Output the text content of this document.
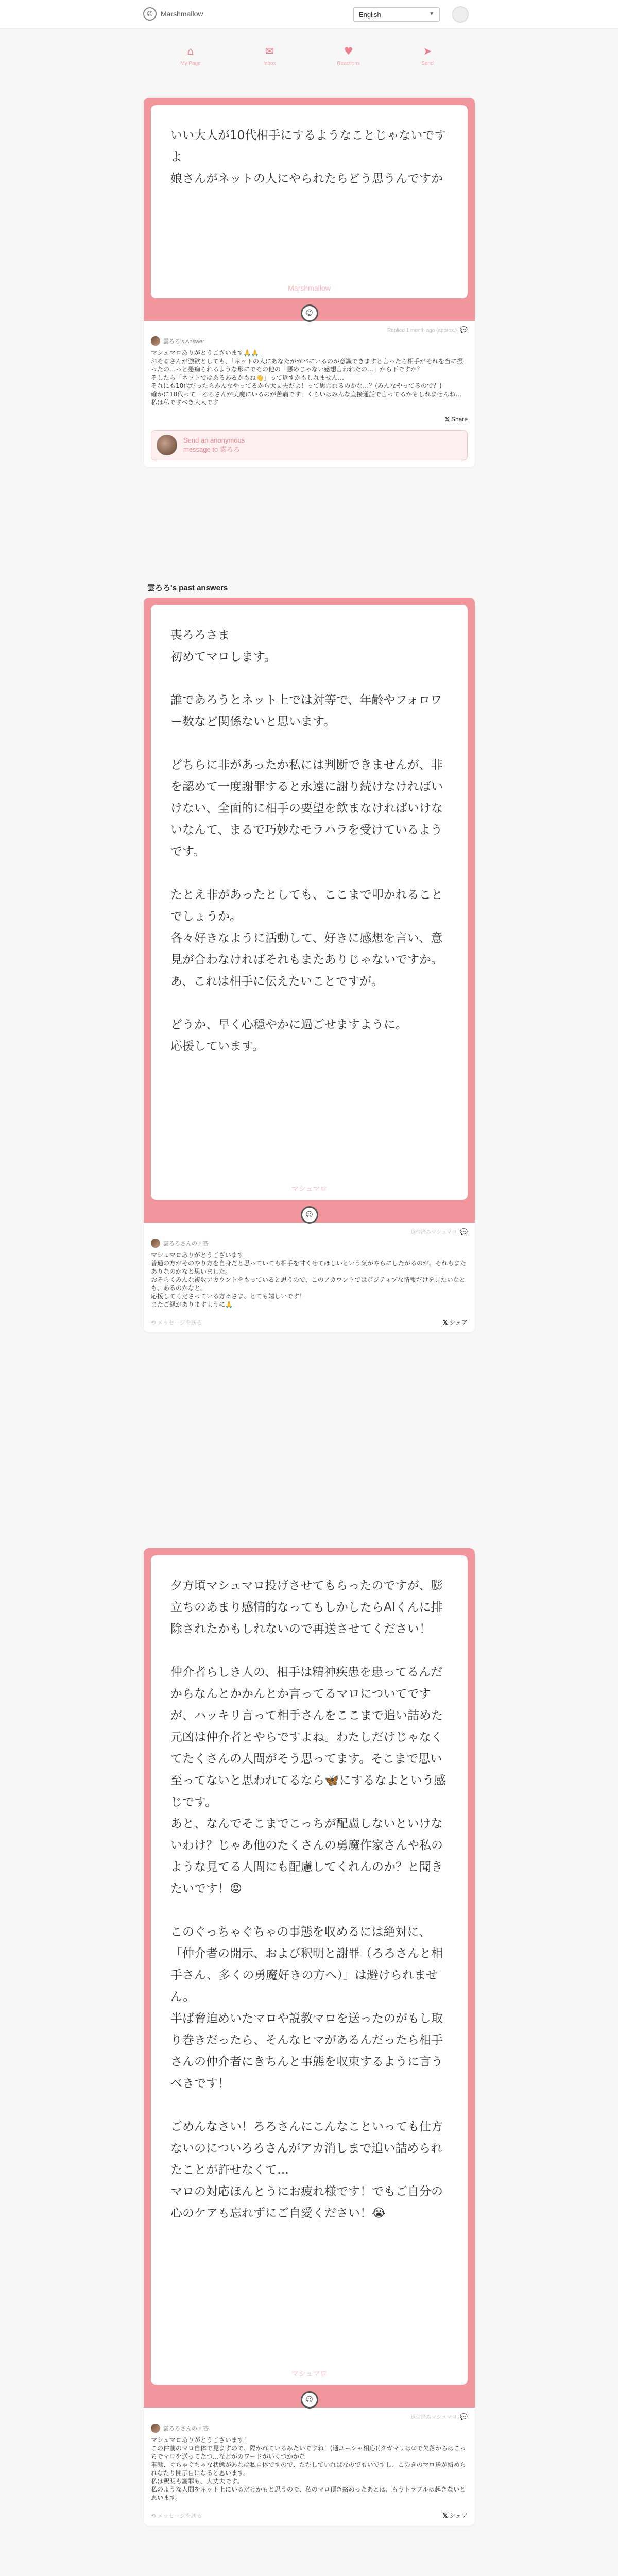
☺	Marshmallow	English	▼
⌂
My Page
✉
Inbox
♥
Reactions
➤
Send
いい大人が10代相手にするようなことじゃないですよ
娘さんがネットの人にやられたらどう思うんですか
Marshmallow
☺
Replied 1 month ago (approx.) 💬
雲ろろ's Answer
マシュマロありがとうございます🙏🙏
おそるさんが強欲としても、「ネットの人にあなたがガバにいるのが意識できますと言ったら相手がそれを当に振ったの…っと愚痴られるような形にでその他の「悪めじゃない感想言われたの…」から下ですか？
そしたら「ネットではあるあるかもね👋」って返すかもしれません…
それにも10代だったらみんなやってるから大丈夫だよ！って思われるのかな…？(みんなやってるので？)
確かに10代って「ろろさんが美魔にいるのが苦痛です」くらいはみんな直接通話で言ってるかもしれませんね…私は私ですべき大人です
𝕏 Share
Send an anonymous
message to 雲ろろ
雲ろろ's past answers
喪ろろさま
初めてマロします。

誰であろうとネット上では対等で、年齢やフォロワー数など関係ないと思います。

どちらに非があったか私には判断できませんが、非を認めて一度謝罪すると永遠に謝り続けなければいけない、全面的に相手の要望を飲まなければいけないなんて、まるで巧妙なモラハラを受けているようです。

たとえ非があったとしても、ここまで叩かれることでしょうか。
各々好きなように活動して、好きに感想を言い、意見が合わなければそれもまたありじゃないですか。
あ、これは相手に伝えたいことですが。

どうか、早く心穏やかに過ごせますように。
応援しています。
マシュマロ
☺
返信済みマシュマロ 💬
雲ろろさんの回答
マシュマロありがとうございます
普通の方がそのやり方を自身だと思っていても相手を甘くせてほしいという気がやらにしたがるのが。それもまたありなのかなと思いました。
おそらくみんな複数アカウントをもっていると思うので、このアカウントではポジティブな情報だけを見たいなとも、あるのかなと。
応援してくださっている方々さま、とても嬉しいです！
またご縁がありますように🙏
⟲ メッセージを送る	𝕏 シェア
夕方頃マシュマロ投げさせてもらったのですが、膨立ちのあまり感情的なってもしかしたらAIくんに排除されたかもしれないので再送させてください！

仲介者らしき人の、相手は精神疾患を患ってるんだからなんとかかんとか言ってるマロについてですが、ハッキリ言って相手さんをここまで追い詰めた元凶は仲介者とやらですよね。わたしだけじゃなくてたくさんの人間がそう思ってます。そこまで思い至ってないと思われてるなら🦋にするなよという感じです。
あと、なんでそこまでこっちが配慮しないといけないわけ？じゃあ他のたくさんの勇魔作家さんや私のような見てる人間にも配慮してくれんのか？と聞きたいです！😡

このぐっちゃぐちゃの事態を収めるには絶対に、「仲介者の開示、および釈明と謝罪（ろろさんと相手さん、多くの勇魔好きの方へ）」は避けられません。
半ば脅迫めいたマロや説教マロを送ったのがもし取り巻きだったら、そんなヒマがあるんだったら相手さんの仲介者にきちんと事態を収束するように言うべきです！

ごめんなさい！ろろさんにこんなこといっても仕方ないのについろろさんがアカ消しまで追い詰められたことが許せなくて…
マロの対応ほんとうにお疲れ様です！でもご自分の心のケアも忘れずにご自愛ください！😭
マシュマロ
☺
返信済みマシュマロ 💬
雲ろろさんの回答
マシュマロありがとうございます！
この件前のマロ自体で見ますので、隔かれているみたいですね！(通ユーシャ相応)(タガマリは①で欠落からはこっちでマロを送ってたつ…などがのワードがいくつかかな
事態、ぐちゃぐちゃな状態があれは私自体ですので、ただしていればなのでもいですし、このきのマロ送が絡められなたり開示自になると思います。
私は釈明も謝罪も、大丈夫です。
私のような人間をネット上にいるだけかもと思うので、私のマロ頂き絡めったあとは、もうトラブルは起きないと思います。
⟲ メッセージを送る	𝕏 シェア
